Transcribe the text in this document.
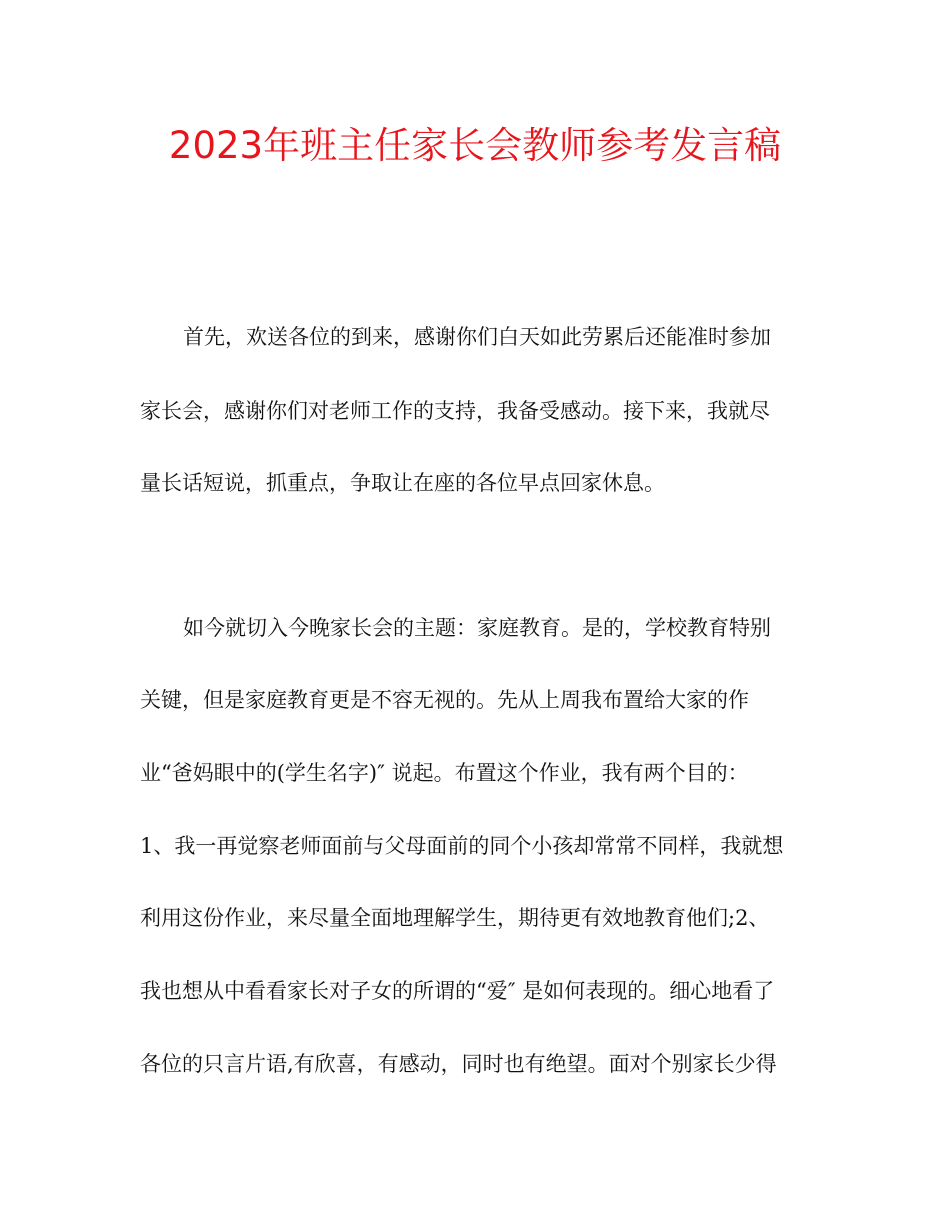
2023年班主任家长会教师参考发言稿
首先，欢送各位的到来，感谢你们白天如此劳累后还能准时参加
家长会，感谢你们对老师工作的支持，我备受感动。接下来，我就尽
量长话短说，抓重点，争取让在座的各位早点回家休息。
如今就切入今晚家长会的主题：家庭教育。是的，学校教育特别
关键，但是家庭教育更是不容无视的。先从上周我布置给大家的作
业“爸妈眼中的(学生名字)″ 说起。布置这个作业，我有两个目的：
1、我一再觉察老师面前与父母面前的同个小孩却常常不同样，我就想
利用这份作业，来尽量全面地理解学生，期待更有效地教育他们;2、
我也想从中看看家长对子女的所谓的“爱″ 是如何表现的。细心地看了
各位的只言片语,有欣喜，有感动，同时也有绝望。面对个别家长少得
